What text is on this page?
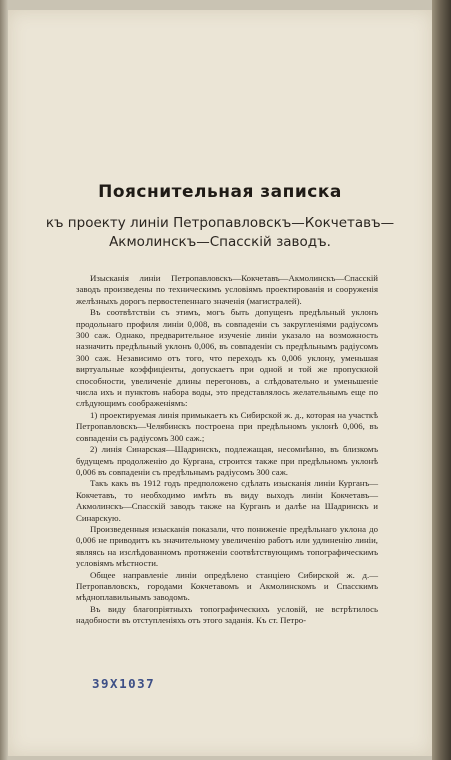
Пояснительная записка
къ проекту линіи Петропавловскъ—Кокчетавъ—
Акмолинскъ—Спасскій заводъ.

Изысканія линіи Петропавловскъ—Кокчетавъ—Акмолинскъ—Спасскій заводъ произведены по техническимъ условіямъ проектированія и сооруженія желѣзныхъ дорогъ первостепеннаго значенія (магистралей).

Въ соотвѣтствіи съ этимъ, могъ быть допущенъ предѣльный уклонъ продольнаго профиля линіи 0,008, въ совпаденіи съ закругленіями радіусомъ 300 саж. Однако, предварительное изученіе линіи указало на возможность назначить предѣльный уклонъ 0,006, въ совпаденіи съ предѣльнымъ радіусомъ 300 саж. Независимо отъ того, что переходъ къ 0,006 уклону, уменьшая виртуальные коэффиціенты, допускаетъ при одной и той же пропускной способности, увеличеніе длины перегоновъ, а слѣдовательно и уменьшеніе числа ихъ и пунктовъ набора воды, это представлялось желательнымъ еще по слѣдующимъ соображеніямъ:

1) проектируемая линія примыкаетъ къ Сибирской ж. д., которая на участкѣ Петропавловскъ—Челябинскъ построена при предѣльномъ уклонѣ 0,006, въ совпаденіи съ радіусомъ 300 саж.;

2) линія Синарская—Шадринскъ, подлежащая, несомнѣнно, въ близкомъ будущемъ продолженію до Кургана, строится также при предѣльномъ уклонѣ 0,006 въ совпаденіи съ предѣльнымъ радіусомъ 300 саж.

Такъ какъ въ 1912 годъ предположено сдѣлать изысканія линіи Курганъ—Кокчетавъ, то необходимо имѣть въ виду выходъ линіи Кокчетавъ—Акмолинскъ—Спасскій заводъ также на Курганъ и далѣе на Шадринскъ и Синарскую.

Произведенныя изысканія показали, что пониженіе предѣльнаго уклона до 0,006 не приводитъ къ значительному увеличенію работъ или удлиненію линіи, являясь на изслѣдованномъ протяженіи соотвѣтствующимъ топографическимъ условіямъ мѣстности.

Общее направленіе линіи опредѣлено станціею Сибирской ж. д.—Петропавловскъ, городами Кокчетавомъ и Акмолинскомъ и Спасскимъ мѣдноплавильнымъ заводомъ.

Въ виду благопріятныхъ топографическихъ условій, не встрѣтилось надобности въ отступленіяхъ отъ этого заданія. Къ ст. Петро-

39X1037
